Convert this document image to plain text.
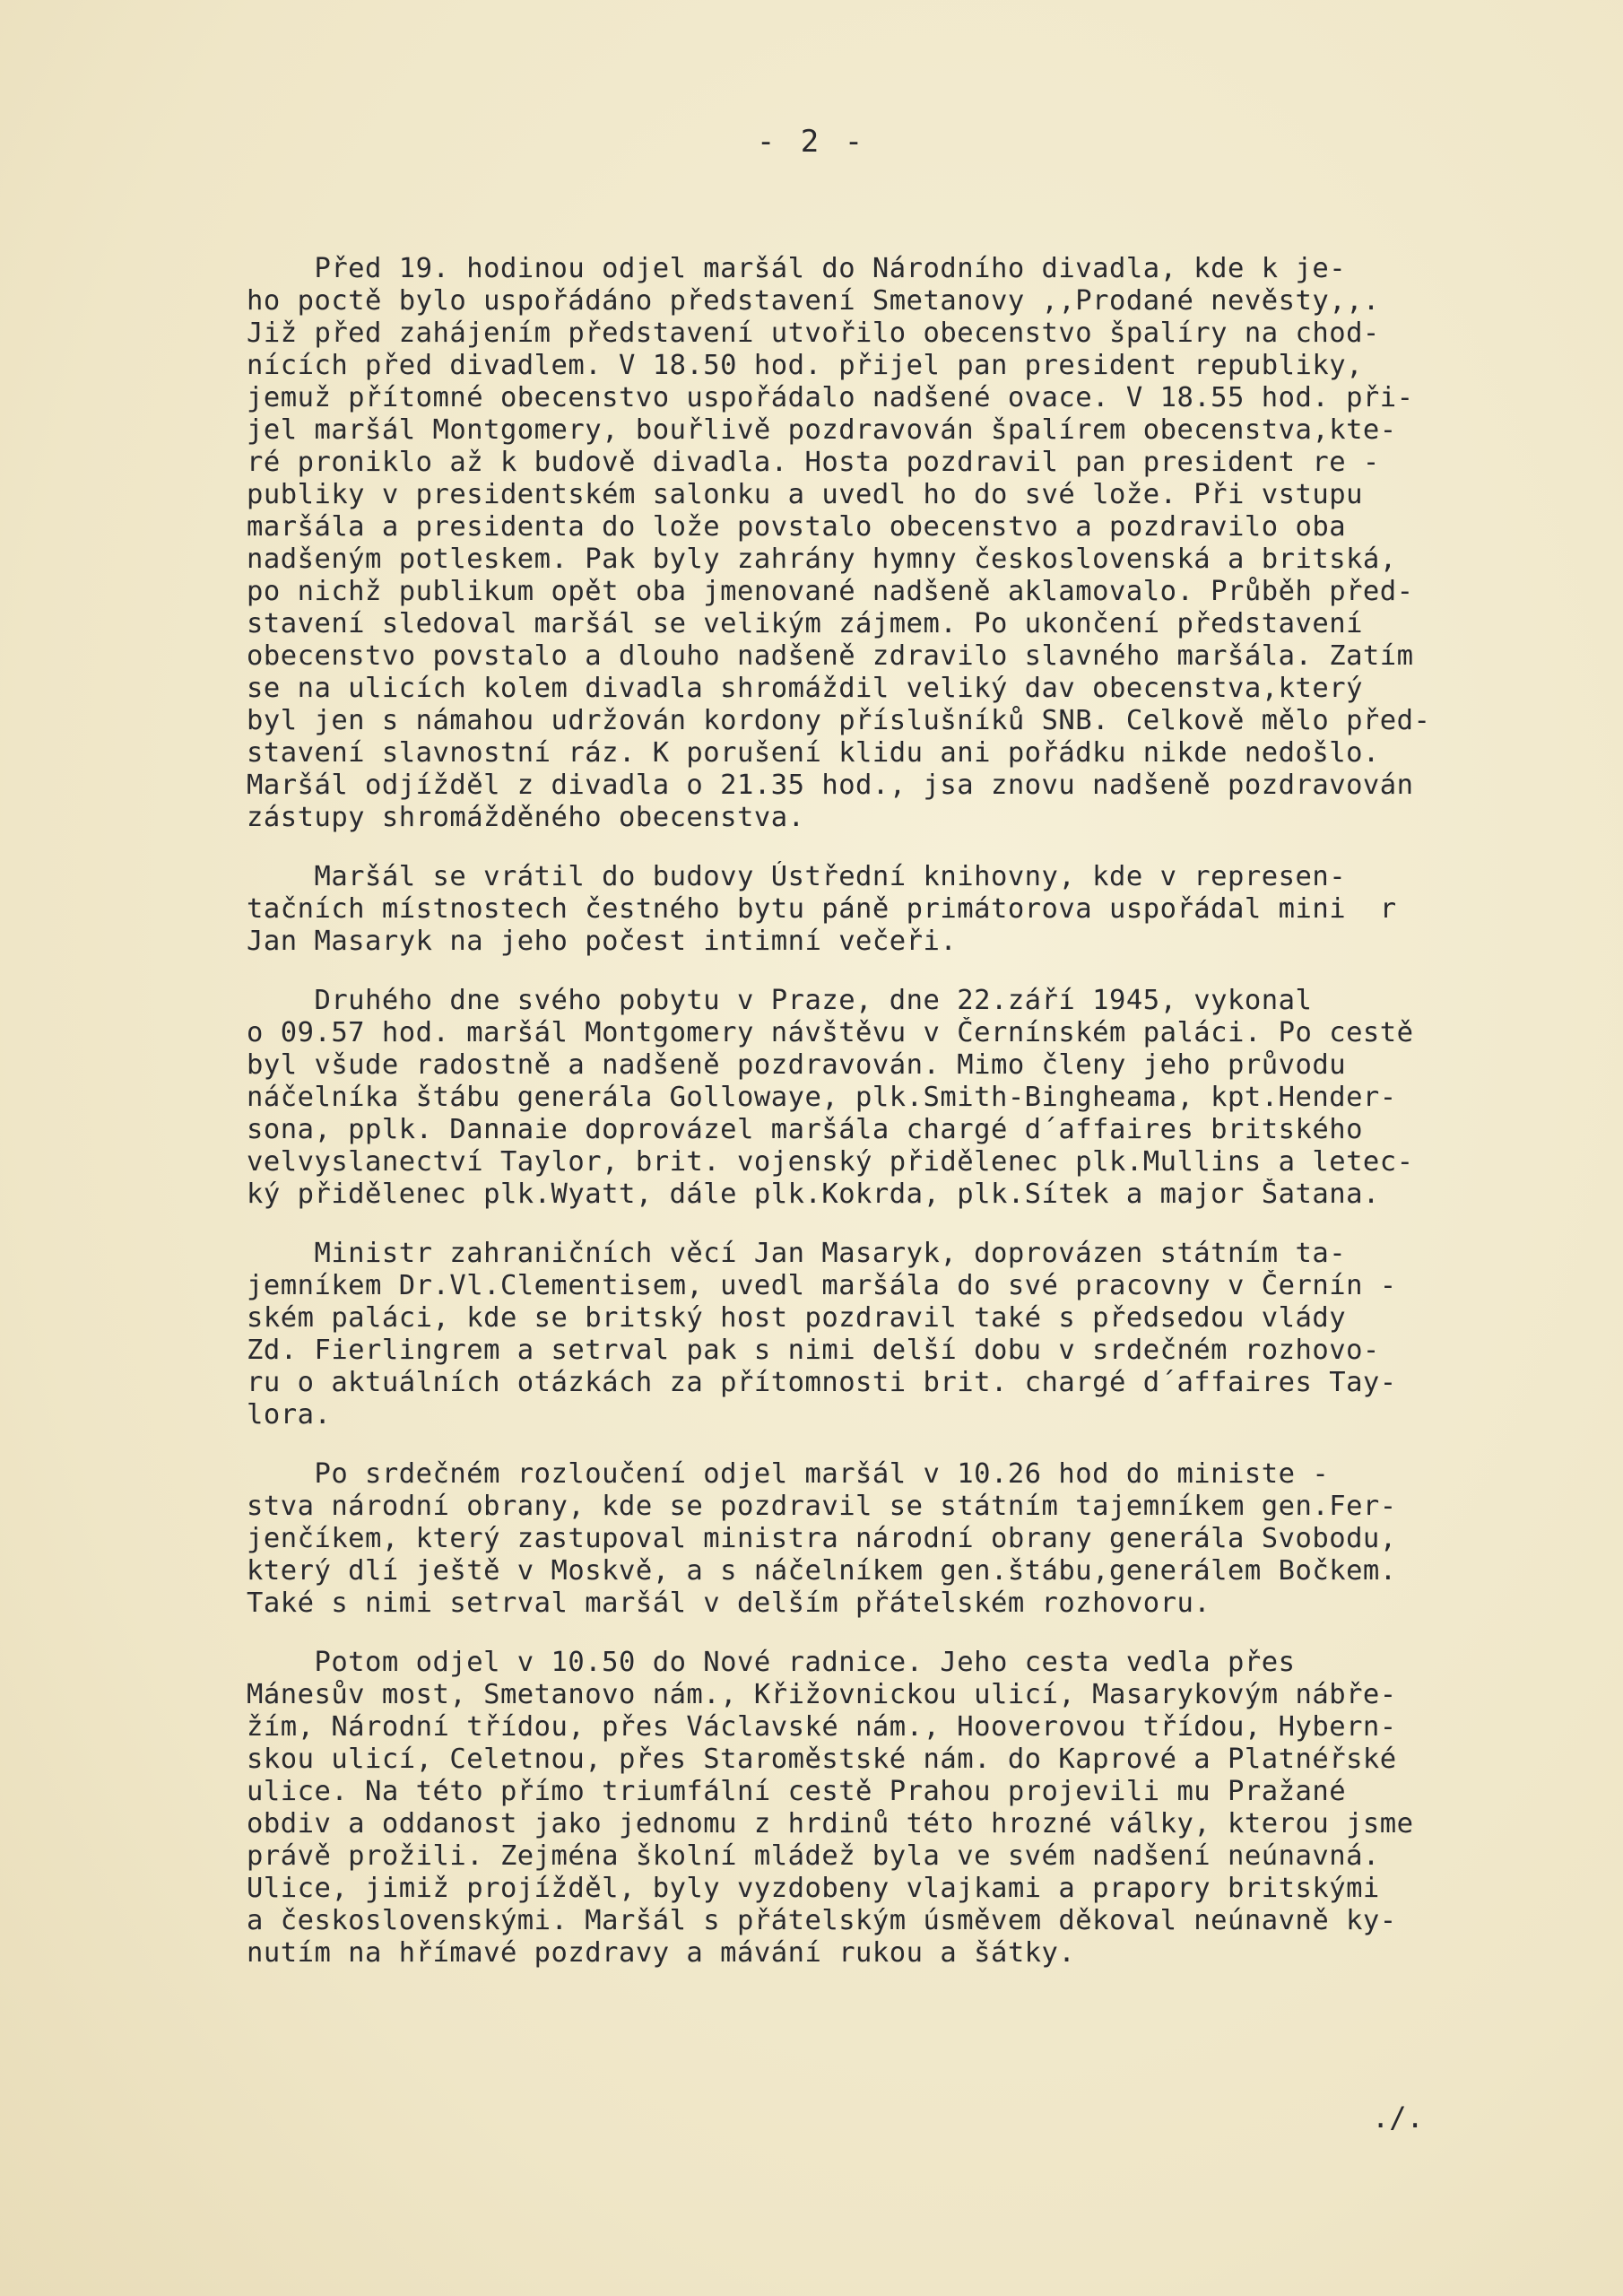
- 2 -
Před 19. hodinou odjel maršál do Národního divadla, kde k je-
ho poctě bylo uspořádáno představení Smetanovy ,,Prodané nevěsty,,.
Již před zahájením představení utvořilo obecenstvo špalíry na chod-
nících před divadlem. V 18.50 hod. přijel pan president republiky,
jemuž přítomné obecenstvo uspořádalo nadšené ovace. V 18.55 hod. při-
jel maršál Montgomery, bouřlivě pozdravován špalírem obecenstva,kte-
ré proniklo až k budově divadla. Hosta pozdravil pan president re -
publiky v presidentském salonku a uvedl ho do své lože. Při vstupu
maršála a presidenta do lože povstalo obecenstvo a pozdravilo oba
nadšeným potleskem. Pak byly zahrány hymny československá a britská,
po nichž publikum opět oba jmenované nadšeně aklamovalo. Průběh před-
stavení sledoval maršál se velikým zájmem. Po ukončení představení
obecenstvo povstalo a dlouho nadšeně zdravilo slavného maršála. Zatím
se na ulicích kolem divadla shromáždil veliký dav obecenstva,který
byl jen s námahou udržován kordony příslušníků SNB. Celkově mělo před-
stavení slavnostní ráz. K porušení klidu ani pořádku nikde nedošlo.
Maršál odjížděl z divadla o 21.35 hod., jsa znovu nadšeně pozdravován
zástupy shromážděného obecenstva.
Maršál se vrátil do budovy Ústřední knihovny, kde v represen-
tačních místnostech čestného bytu páně primátorova uspořádal mini  r
Jan Masaryk na jeho počest intimní večeři.
Druhého dne svého pobytu v Praze, dne 22.září 1945, vykonal
o 09.57 hod. maršál Montgomery návštěvu v Černínském paláci. Po cestě
byl všude radostně a nadšeně pozdravován. Mimo členy jeho průvodu
náčelníka štábu generála Gollowaye, plk.Smith-Bingheama, kpt.Hender-
sona, pplk. Dannaie doprovázel maršála chargé d´affaires britského
velvyslanectví Taylor, brit. vojenský přidělenec plk.Mullins a letec-
ký přidělenec plk.Wyatt, dále plk.Kokrda, plk.Sítek a major Šatana.
Ministr zahraničních věcí Jan Masaryk, doprovázen státním ta-
jemníkem Dr.Vl.Clementisem, uvedl maršála do své pracovny v Černín -
ském paláci, kde se britský host pozdravil také s předsedou vlády
Zd. Fierlingrem a setrval pak s nimi delší dobu v srdečném rozhovo-
ru o aktuálních otázkách za přítomnosti brit. chargé d´affaires Tay-
lora.
Po srdečném rozloučení odjel maršál v 10.26 hod do ministe -
stva národní obrany, kde se pozdravil se státním tajemníkem gen.Fer-
jenčíkem, který zastupoval ministra národní obrany generála Svobodu,
který dlí ještě v Moskvě, a s náčelníkem gen.štábu,generálem Bočkem.
Také s nimi setrval maršál v delším přátelském rozhovoru.
Potom odjel v 10.50 do Nové radnice. Jeho cesta vedla přes
Mánesův most, Smetanovo nám., Křižovnickou ulicí, Masarykovým nábře-
žím, Národní třídou, přes Václavské nám., Hooverovou třídou, Hybern-
skou ulicí, Celetnou, přes Staroměstské nám. do Kaprové a Platnéřské
ulice. Na této přímo triumfální cestě Prahou projevili mu Pražané
obdiv a oddanost jako jednomu z hrdinů této hrozné války, kterou jsme
právě prožili. Zejména školní mládež byla ve svém nadšení neúnavná.
Ulice, jimiž projížděl, byly vyzdobeny vlajkami a prapory britskými
a československými. Maršál s přátelským úsměvem děkoval neúnavně ky-
nutím na hřímavé pozdravy a mávání rukou a šátky.
./.
